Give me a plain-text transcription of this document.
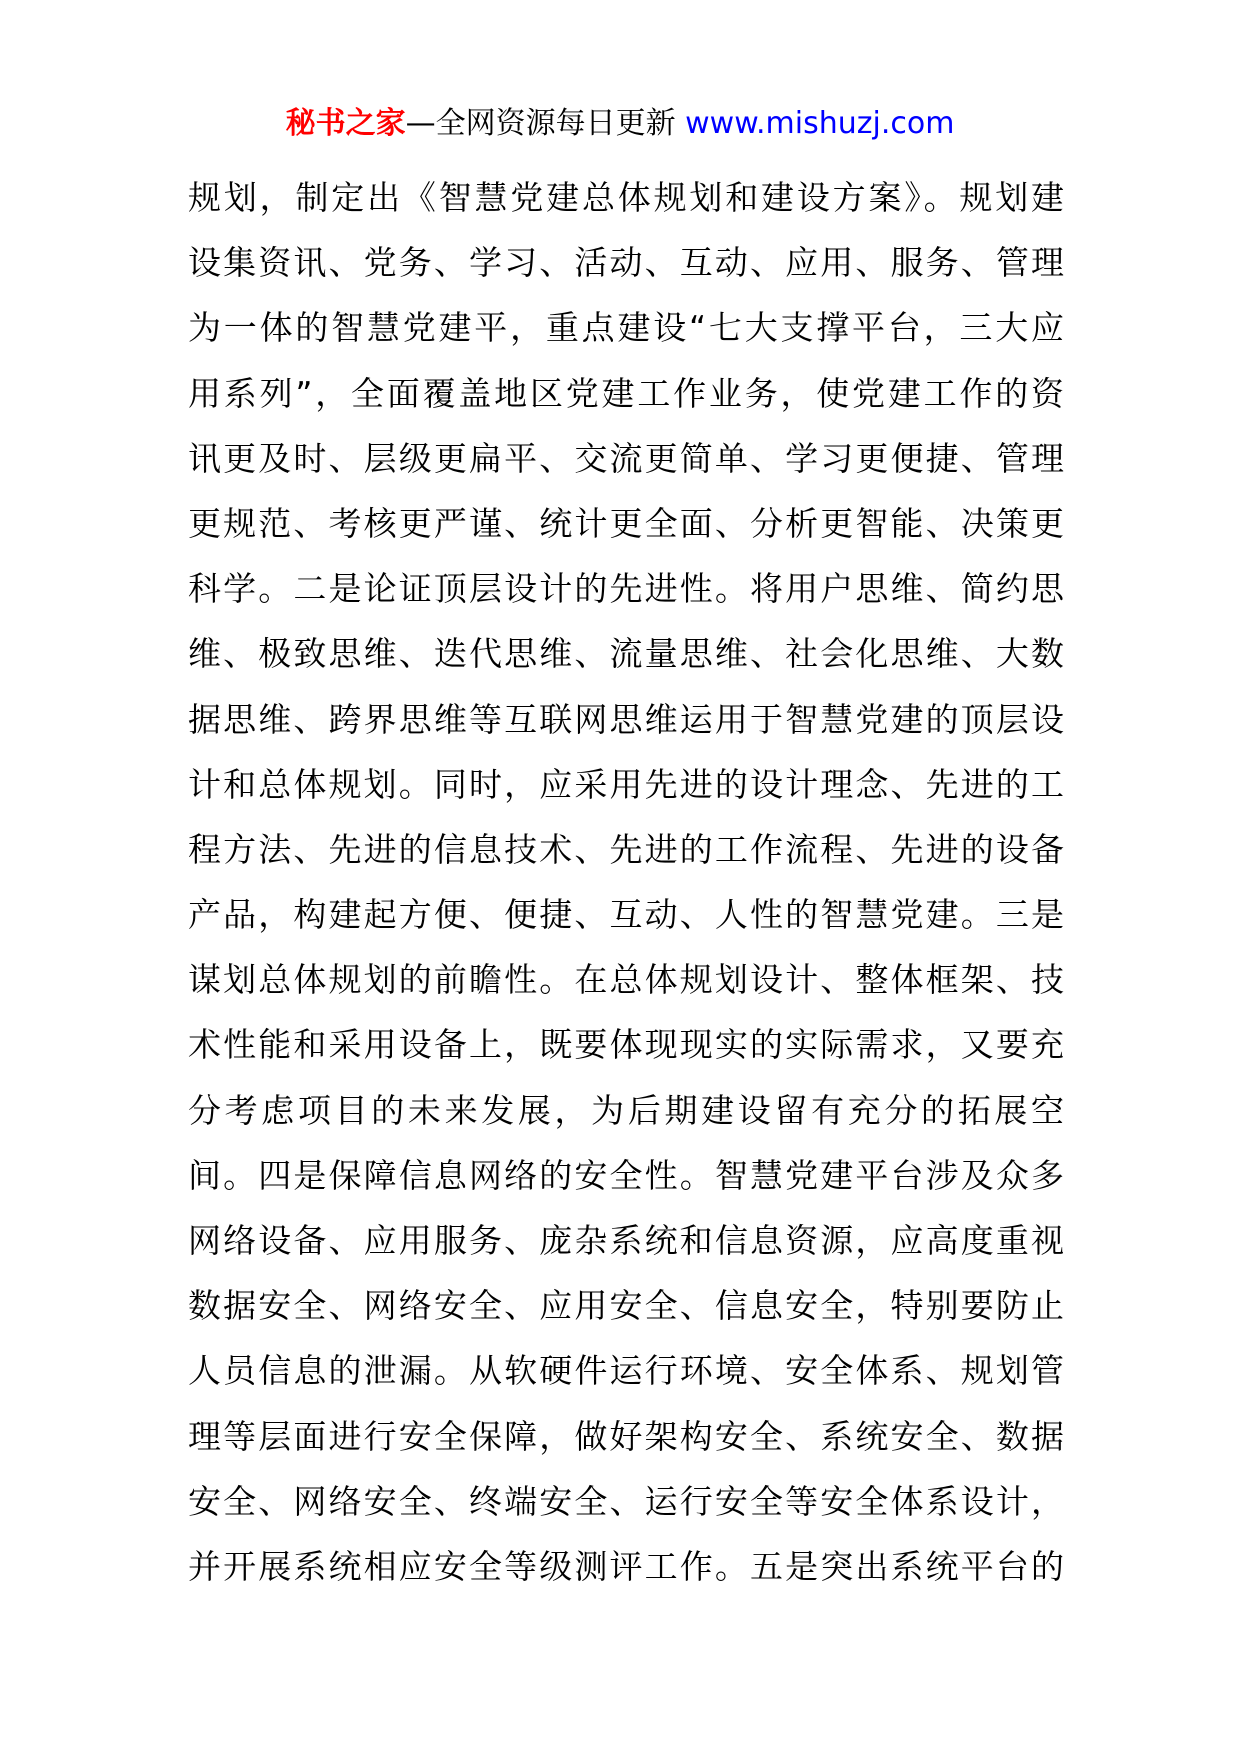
秘书之家—全网资源每日更新 www.mishuzj.com
规划，制定出《智慧党建总体规划和建设方案》。规划建
设集资讯、党务、学习、活动、互动、应用、服务、管理
为一体的智慧党建平，重点建设“七大支撑平台，三大应
用系列”，全面覆盖地区党建工作业务，使党建工作的资
讯更及时、层级更扁平、交流更简单、学习更便捷、管理
更规范、考核更严谨、统计更全面、分析更智能、决策更
科学。二是论证顶层设计的先进性。将用户思维、简约思
维、极致思维、迭代思维、流量思维、社会化思维、大数
据思维、跨界思维等互联网思维运用于智慧党建的顶层设
计和总体规划。同时，应采用先进的设计理念、先进的工
程方法、先进的信息技术、先进的工作流程、先进的设备
产品，构建起方便、便捷、互动、人性的智慧党建。三是
谋划总体规划的前瞻性。在总体规划设计、整体框架、技
术性能和采用设备上，既要体现现实的实际需求，又要充
分考虑项目的未来发展，为后期建设留有充分的拓展空
间。四是保障信息网络的安全性。智慧党建平台涉及众多
网络设备、应用服务、庞杂系统和信息资源，应高度重视
数据安全、网络安全、应用安全、信息安全，特别要防止
人员信息的泄漏。从软硬件运行环境、安全体系、规划管
理等层面进行安全保障，做好架构安全、系统安全、数据
安全、网络安全、终端安全、运行安全等安全体系设计，
并开展系统相应安全等级测评工作。五是突出系统平台的
